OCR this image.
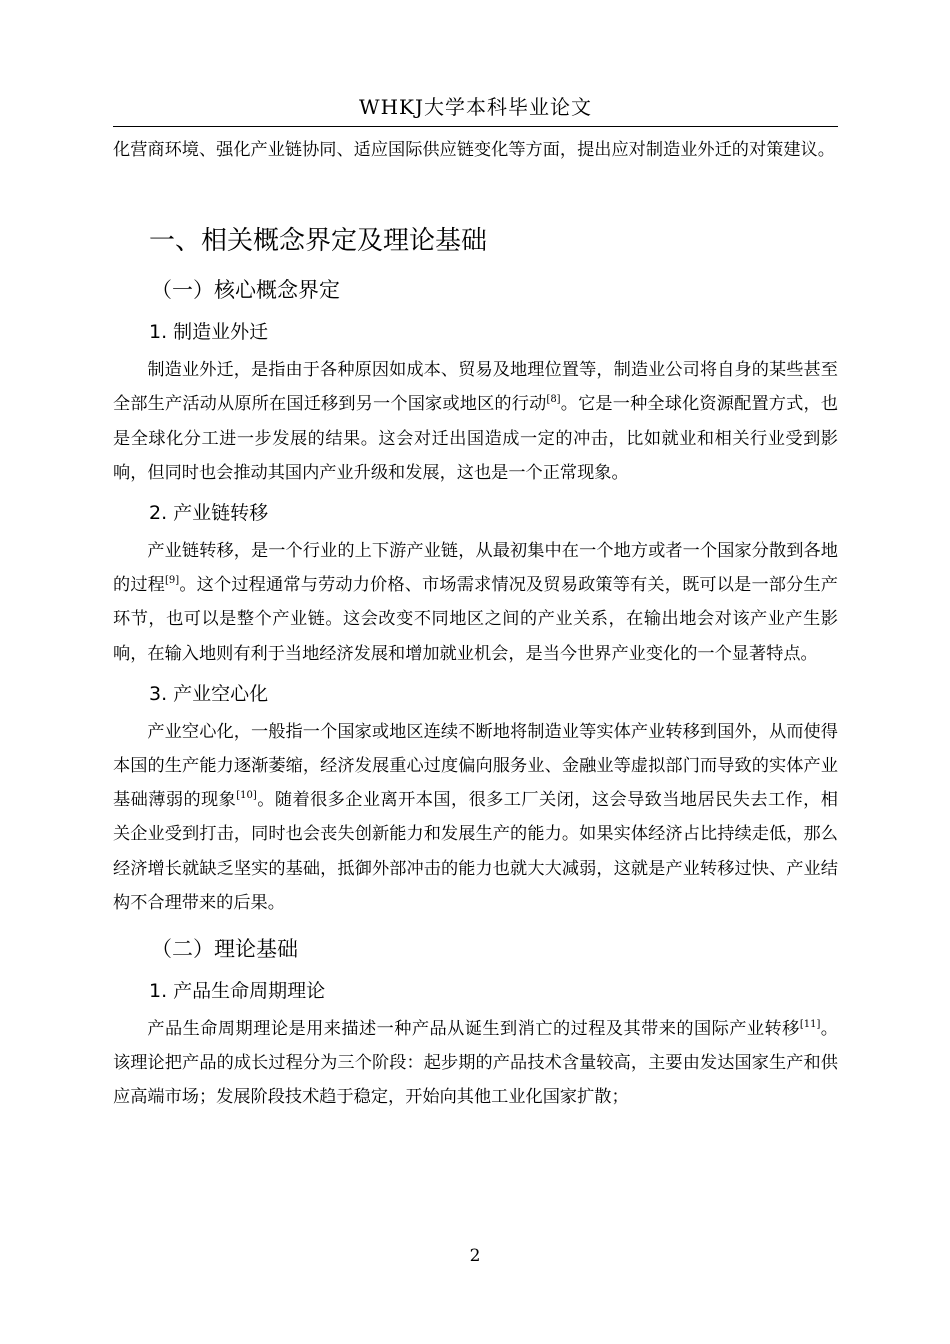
WHKJ大学本科毕业论文

化营商环境、强化产业链协同、适应国际供应链变化等方面，提出应对制造业外迁的对策建议。

一、相关概念界定及理论基础
（一）核心概念界定
1. 制造业外迁

制造业外迁，是指由于各种原因如成本、贸易及地理位置等，制造业公司将自身的某些甚至全部生产活动从原所在国迁移到另一个国家或地区的行动[8]。它是一种全球化资源配置方式，也是全球化分工进一步发展的结果。这会对迁出国造成一定的冲击，比如就业和相关行业受到影响，但同时也会推动其国内产业升级和发展，这也是一个正常现象。

2. 产业链转移

产业链转移，是一个行业的上下游产业链，从最初集中在一个地方或者一个国家分散到各地的过程[9]。这个过程通常与劳动力价格、市场需求情况及贸易政策等有关，既可以是一部分生产环节，也可以是整个产业链。这会改变不同地区之间的产业关系，在输出地会对该产业产生影响，在输入地则有利于当地经济发展和增加就业机会，是当今世界产业变化的一个显著特点。

3. 产业空心化

产业空心化，一般指一个国家或地区连续不断地将制造业等实体产业转移到国外，从而使得本国的生产能力逐渐萎缩，经济发展重心过度偏向服务业、金融业等虚拟部门而导致的实体产业基础薄弱的现象[10]。随着很多企业离开本国，很多工厂关闭，这会导致当地居民失去工作，相关企业受到打击，同时也会丧失创新能力和发展生产的能力。如果实体经济占比持续走低，那么经济增长就缺乏坚实的基础，抵御外部冲击的能力也就大大减弱，这就是产业转移过快、产业结构不合理带来的后果。

（二）理论基础
1. 产品生命周期理论

产品生命周期理论是用来描述一种产品从诞生到消亡的过程及其带来的国际产业转移[11]。该理论把产品的成长过程分为三个阶段：起步期的产品技术含量较高，主要由发达国家生产和供应高端市场；发展阶段技术趋于稳定，开始向其他工业化国家扩散；

2
